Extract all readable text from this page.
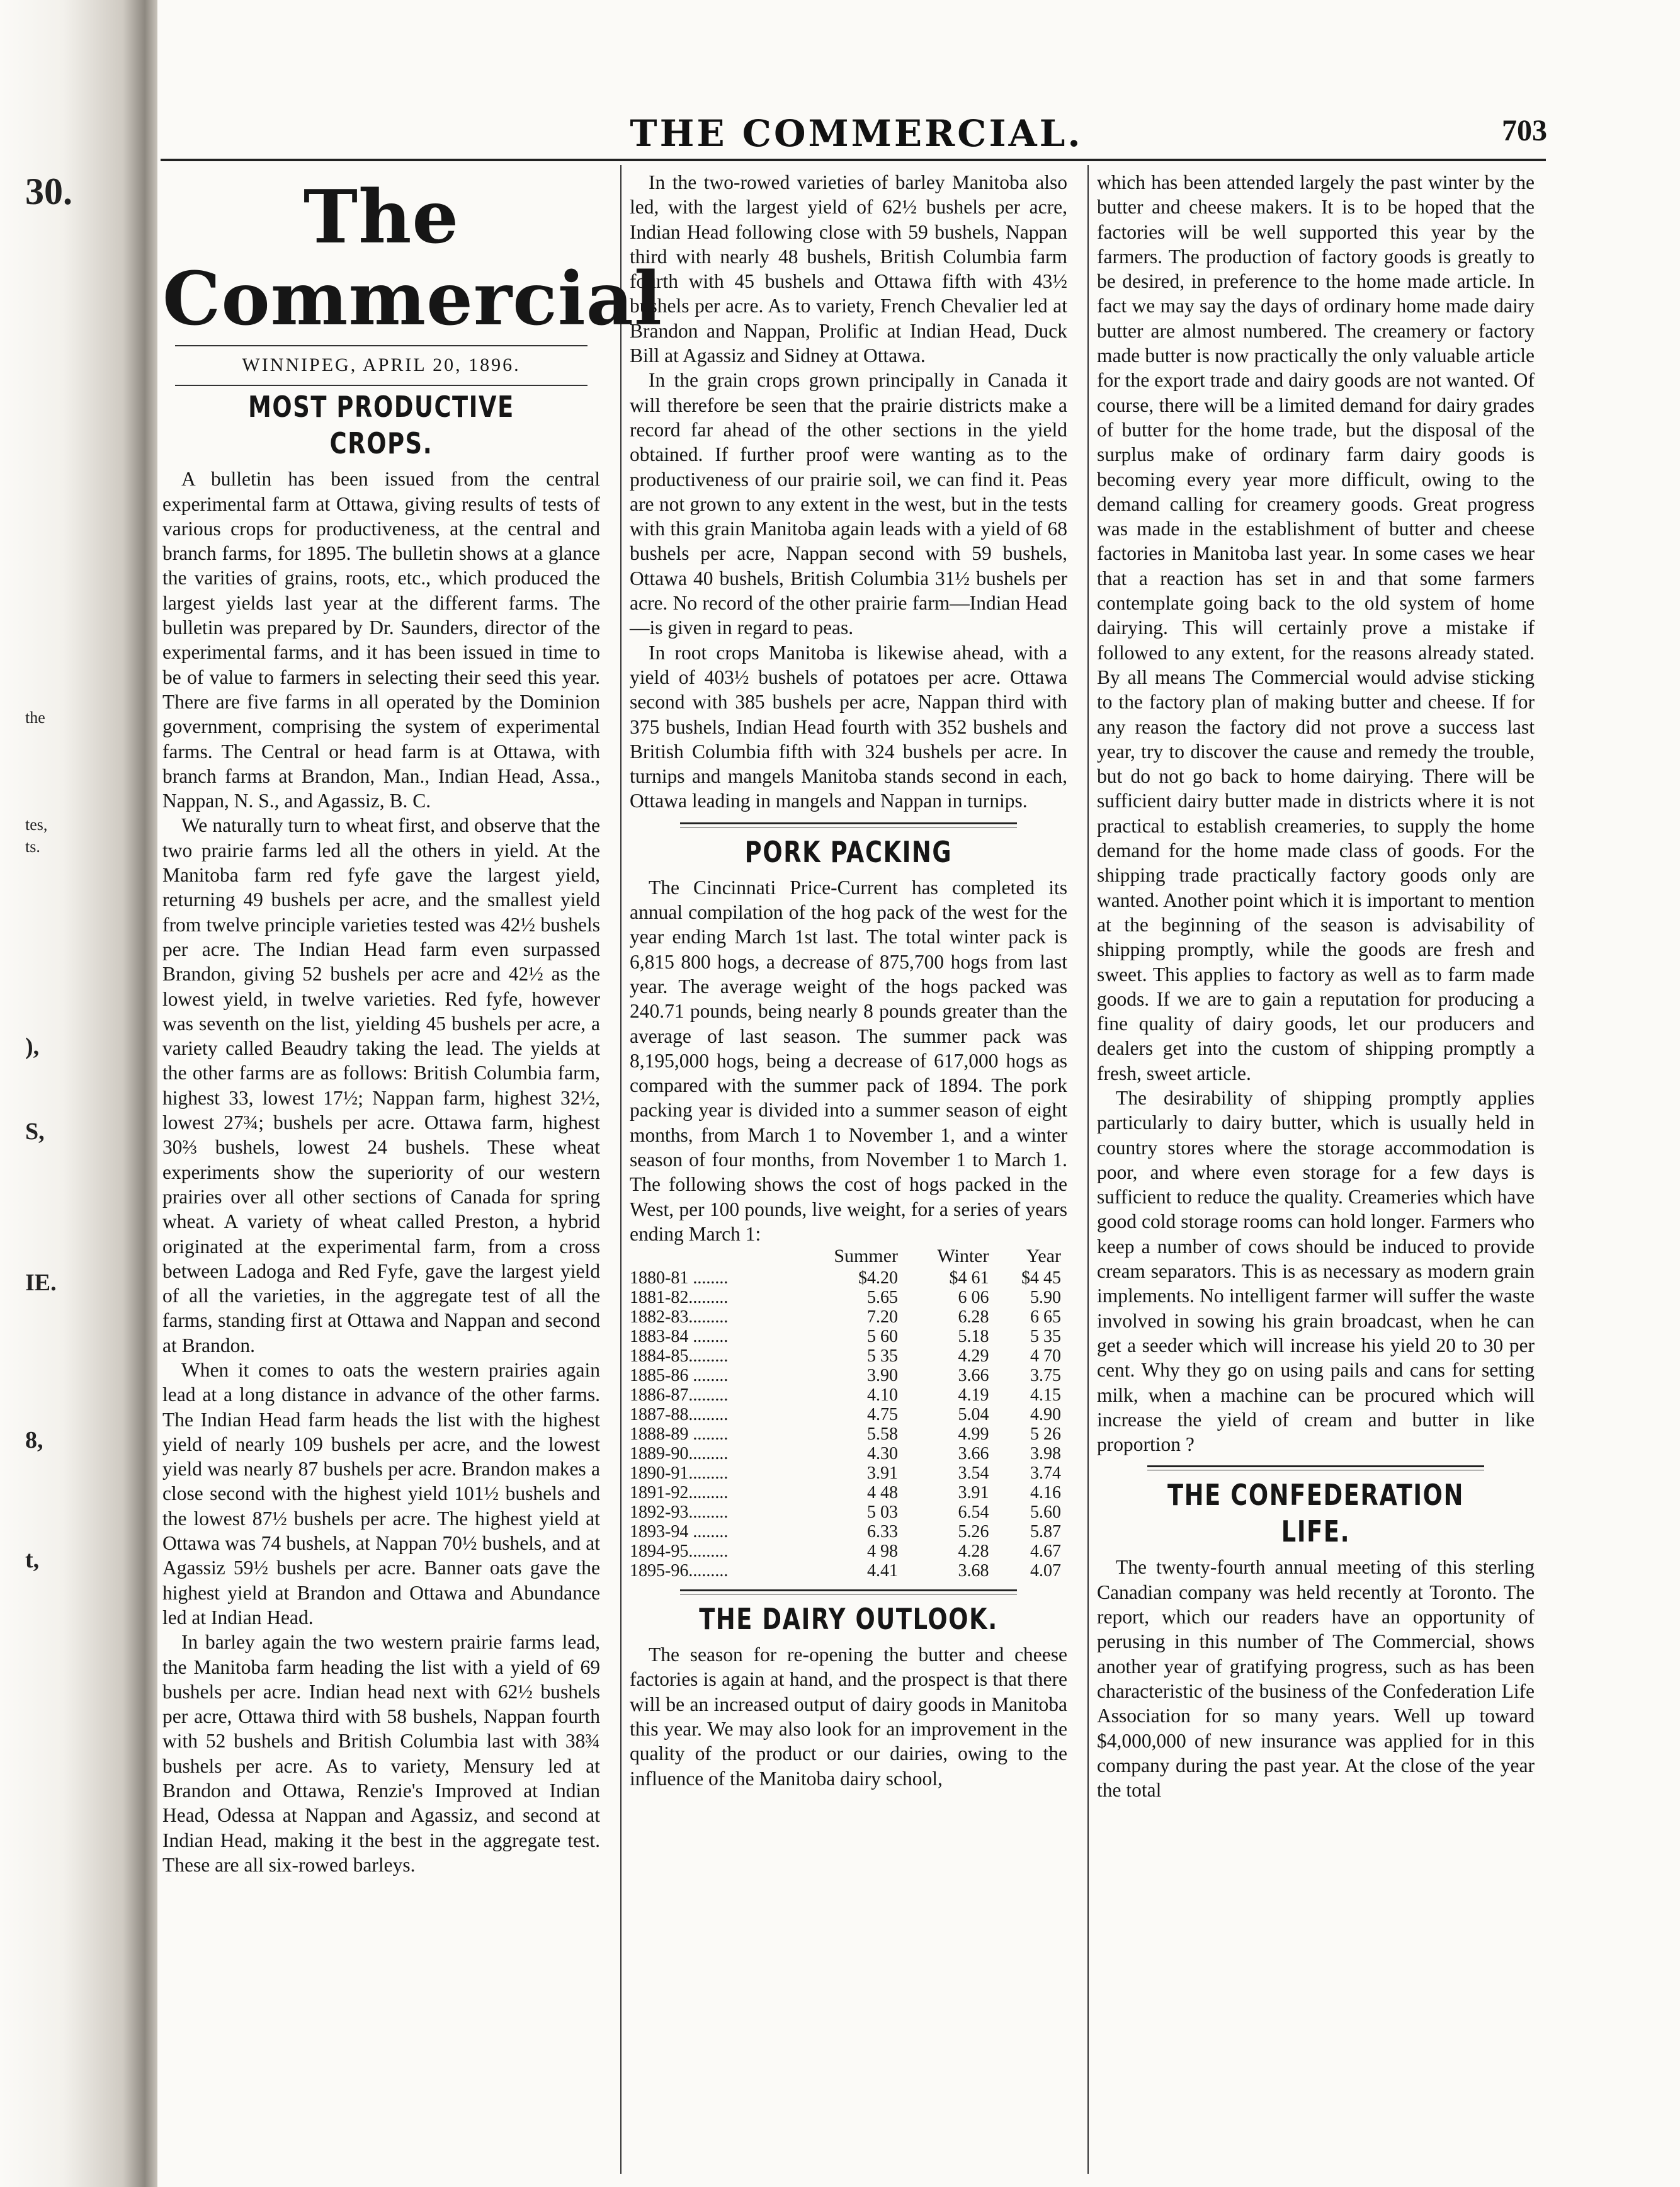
30.
the
tes,
ts.
),
S,
IE.
8,
t,
THE COMMERCIAL.	703
The Commercial
WINNIPEG, APRIL 20, 1896.
MOST PRODUCTIVE CROPS.

A bulletin has been issued from the central experimental farm at Ottawa, giving results of tests of various crops for productiveness, at the central and branch farms, for 1895. The bulletin shows at a glance the varities of grains, roots, etc., which produced the largest yields last year at the different farms. The bulletin was prepared by Dr. Saunders, director of the experimental farms, and it has been issued in time to be of value to farmers in selecting their seed this year. There are five farms in all operated by the Dominion government, comprising the system of experimental farms. The Central or head farm is at Ottawa, with branch farms at Brandon, Man., Indian Head, Assa., Nappan, N. S., and Agassiz, B. C.

We naturally turn to wheat first, and observe that the two prairie farms led all the others in yield. At the Manitoba farm red fyfe gave the largest yield, returning 49 bushels per acre, and the smallest yield from twelve principle varieties tested was 42½ bushels per acre. The Indian Head farm even surpassed Brandon, giving 52 bushels per acre and 42½ as the lowest yield, in twelve varieties. Red fyfe, however was seventh on the list, yielding 45 bushels per acre, a variety called Beaudry taking the lead. The yields at the other farms are as follows: British Columbia farm, highest 33, lowest 17½; Nappan farm, highest 32½, lowest 27¾; bushels per acre. Ottawa farm, highest 30⅔ bushels, lowest 24 bushels. These wheat experiments show the superiority of our western prairies over all other sections of Canada for spring wheat. A variety of wheat called Preston, a hybrid originated at the experimental farm, from a cross between Ladoga and Red Fyfe, gave the largest yield of all the varieties, in the aggregate test of all the farms, standing first at Ottawa and Nappan and second at Brandon.

When it comes to oats the western prairies again lead at a long distance in advance of the other farms. The Indian Head farm heads the list with the highest yield of nearly 109 bushels per acre, and the lowest yield was nearly 87 bushels per acre. Brandon makes a close second with the highest yield 101½ bushels and the lowest 87½ bushels per acre. The highest yield at Ottawa was 74 bushels, at Nappan 70½ bushels, and at Agassiz 59½ bushels per acre. Banner oats gave the highest yield at Brandon and Ottawa and Abundance led at Indian Head.

In barley again the two western prairie farms lead, the Manitoba farm heading the list with a yield of 69 bushels per acre. Indian head next with 62½ bushels per acre, Ottawa third with 58 bushels, Nappan fourth with 52 bushels and British Columbia last with 38¾ bushels per acre. As to variety, Mensury led at Brandon and Ottawa, Renzie's Improved at Indian Head, Odessa at Nappan and Agassiz, and second at Indian Head, making it the best in the aggregate test. These are all six-rowed barleys.

In the two-rowed varieties of barley Manitoba also led, with the largest yield of 62½ bushels per acre, Indian Head following close with 59 bushels, Nappan third with nearly 48 bushels, British Columbia farm fourth with 45 bushels and Ottawa fifth with 43½ bushels per acre. As to variety, French Chevalier led at Brandon and Nappan, Prolific at Indian Head, Duck Bill at Agassiz and Sidney at Ottawa.

In the grain crops grown principally in Canada it will therefore be seen that the prairie districts make a record far ahead of the other sections in the yield obtained. If further proof were wanting as to the productiveness of our prairie soil, we can find it. Peas are not grown to any extent in the west, but in the tests with this grain Manitoba again leads with a yield of 68 bushels per acre, Nappan second with 59 bushels, Ottawa 40 bushels, British Columbia 31½ bushels per acre. No record of the other prairie farm—Indian Head—is given in regard to peas.

In root crops Manitoba is likewise ahead, with a yield of 403½ bushels of potatoes per acre. Ottawa second with 385 bushels per acre, Nappan third with 375 bushels, Indian Head fourth with 352 bushels and British Columbia fifth with 324 bushels per acre. In turnips and mangels Manitoba stands second in each, Ottawa leading in mangels and Nappan in turnips.

PORK PACKING

The Cincinnati Price-Current has completed its annual compilation of the hog pack of the west for the year ending March 1st last. The total winter pack is 6,815 800 hogs, a decrease of 875,700 hogs from last year. The average weight of the hogs packed was 240.71 pounds, being nearly 8 pounds greater than the average of last season. The summer pack was 8,195,000 hogs, being a decrease of 617,000 hogs as compared with the summer pack of 1894. The pork packing year is divided into a summer season of eight months, from March 1 to November 1, and a winter season of four months, from November 1 to March 1. The following shows the cost of hogs packed in the West, per 100 pounds, live weight, for a series of years ending March 1:

	Summer	Winter	Year
1880-81 ........	$4.20	$4 61	$4 45
1881-82.........	5.65	6 06	5.90
1882-83.........	7.20	6.28	6 65
1883-84 ........	5 60	5.18	5 35
1884-85.........	5 35	4.29	4 70
1885-86 ........	3.90	3.66	3.75
1886-87.........	4.10	4.19	4.15
1887-88.........	4.75	5.04	4.90
1888-89 ........	5.58	4.99	5 26
1889-90.........	4.30	3.66	3.98
1890-91.........	3.91	3.54	3.74
1891-92.........	4 48	3.91	4.16
1892-93.........	5 03	6.54	5.60
1893-94 ........	6.33	5.26	5.87
1894-95.........	4 98	4.28	4.67
1895-96.........	4.41	3.68	4.07
THE DAIRY OUTLOOK.

The season for re-opening the butter and cheese factories is again at hand, and the prospect is that there will be an increased output of dairy goods in Manitoba this year. We may also look for an improvement in the quality of the product or our dairies, owing to the influence of the Manitoba dairy school,

which has been attended largely the past winter by the butter and cheese makers. It is to be hoped that the factories will be well supported this year by the farmers. The production of factory goods is greatly to be desired, in preference to the home made article. In fact we may say the days of ordinary home made dairy butter are almost numbered. The creamery or factory made butter is now practically the only valuable article for the export trade and dairy goods are not wanted. Of course, there will be a limited demand for dairy grades of butter for the home trade, but the disposal of the surplus make of ordinary farm dairy goods is becoming every year more difficult, owing to the demand calling for creamery goods. Great progress was made in the establishment of butter and cheese factories in Manitoba last year. In some cases we hear that a reaction has set in and that some farmers contemplate going back to the old system of home dairying. This will certainly prove a mistake if followed to any extent, for the reasons already stated. By all means The Commercial would advise sticking to the factory plan of making butter and cheese. If for any reason the factory did not prove a success last year, try to discover the cause and remedy the trouble, but do not go back to home dairying. There will be sufficient dairy butter made in districts where it is not practical to establish creameries, to supply the home demand for the home made class of goods. For the shipping trade practically factory goods only are wanted. Another point which it is important to mention at the beginning of the season is advisability of shipping promptly, while the goods are fresh and sweet. This applies to factory as well as to farm made goods. If we are to gain a reputation for producing a fine quality of dairy goods, let our producers and dealers get into the custom of shipping promptly a fresh, sweet article.

The desirability of shipping promptly applies particularly to dairy butter, which is usually held in country stores where the storage accommodation is poor, and where even storage for a few days is sufficient to reduce the quality. Creameries which have good cold storage rooms can hold longer. Farmers who keep a number of cows should be induced to provide cream separators. This is as necessary as modern grain implements. No intelligent farmer will suffer the waste involved in sowing his grain broadcast, when he can get a seeder which will increase his yield 20 to 30 per cent. Why they go on using pails and cans for setting milk, when a machine can be procured which will increase the yield of cream and butter in like proportion ?

THE CONFEDERATION LIFE.

The twenty-fourth annual meeting of this sterling Canadian company was held recently at Toronto. The report, which our readers have an opportunity of perusing in this number of The Commercial, shows another year of gratifying progress, such as has been characteristic of the business of the Confederation Life Association for so many years. Well up toward $4,000,000 of new insurance was applied for in this company during the past year. At the close of the year the total
